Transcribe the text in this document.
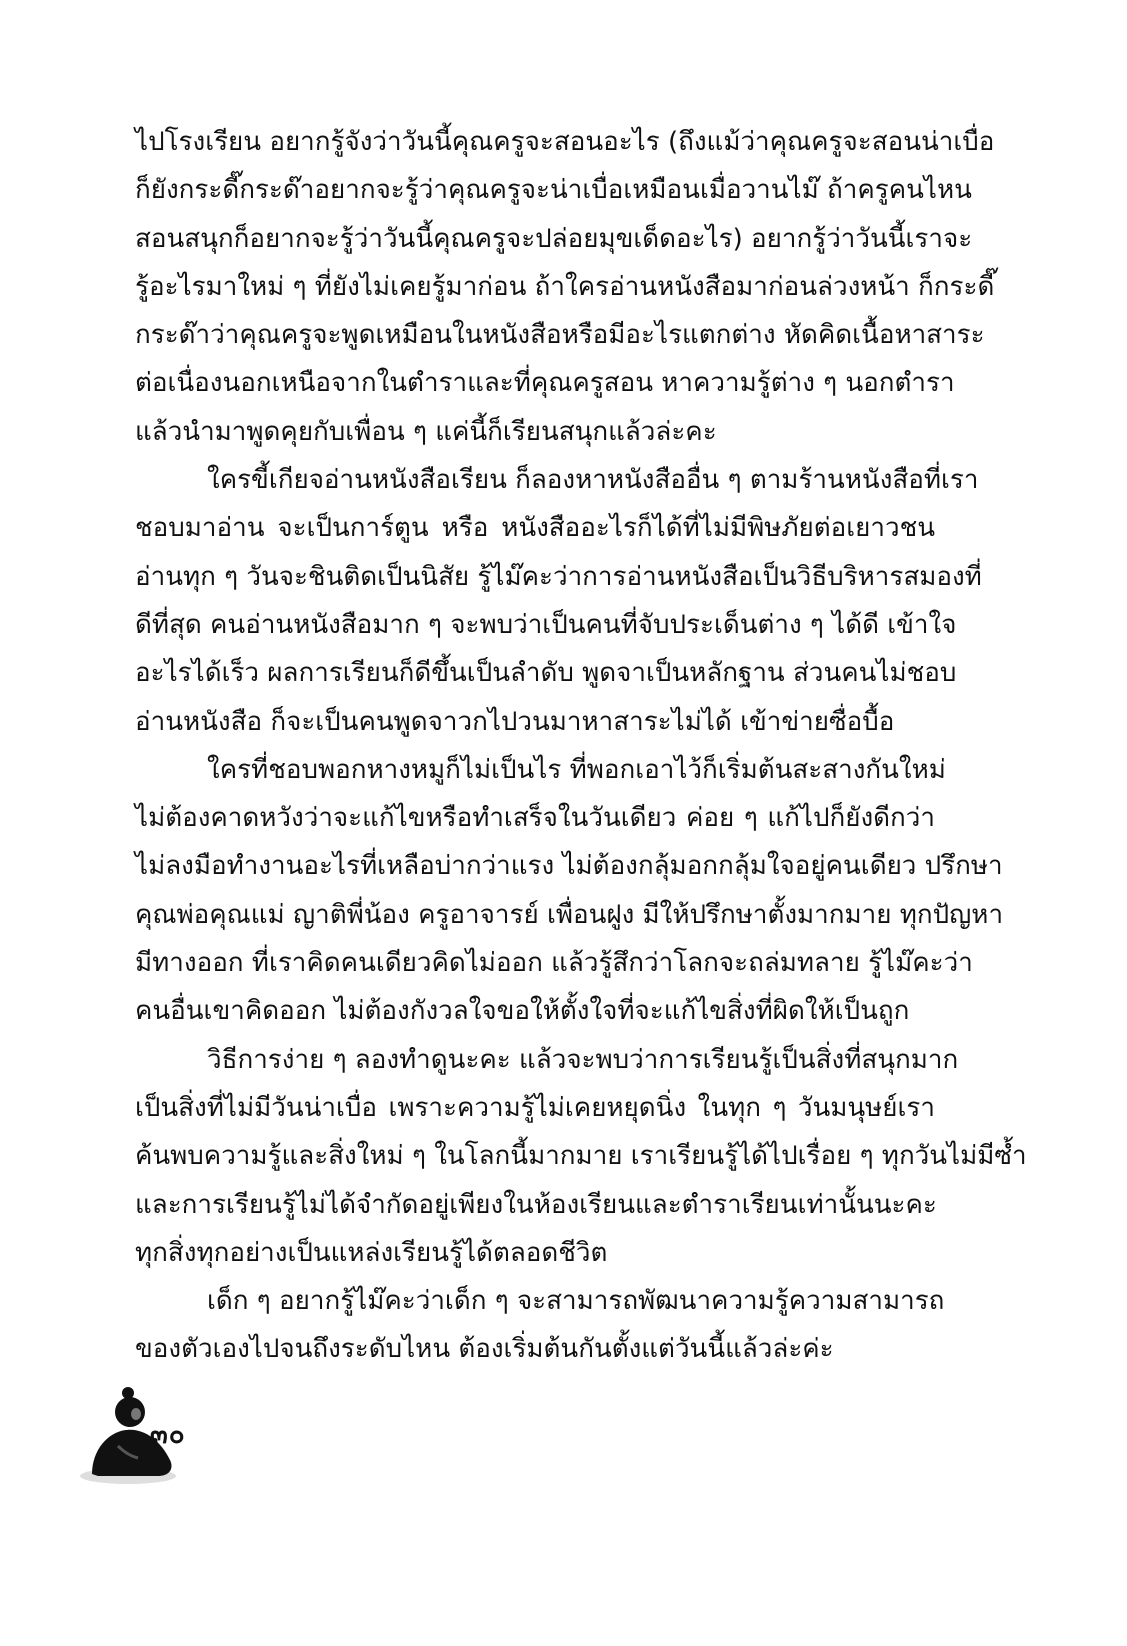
ไปโรงเรียน อยากรู้จังว่าวันนี้คุณครูจะสอนอะไร (ถึงแม้ว่าคุณครูจะสอนน่าเบื่อ
ก็ยังกระดี๊กระด๊าอยากจะรู้ว่าคุณครูจะน่าเบื่อเหมือนเมื่อวานไม๊ ถ้าครูคนไหน
สอนสนุกก็อยากจะรู้ว่าวันนี้คุณครูจะปล่อยมุขเด็ดอะไร) อยากรู้ว่าวันนี้เราจะ
รู้อะไรมาใหม่ ๆ ที่ยังไม่เคยรู้มาก่อน ถ้าใครอ่านหนังสือมาก่อนล่วงหน้า ก็กระดี๊
กระด๊าว่าคุณครูจะพูดเหมือนในหนังสือหรือมีอะไรแตกต่าง หัดคิดเนื้อหาสาระ
ต่อเนื่องนอกเหนือจากในตำราและที่คุณครูสอน หาความรู้ต่าง ๆ นอกตำรา
แล้วนำมาพูดคุยกับเพื่อน ๆ แค่นี้ก็เรียนสนุกแล้วล่ะคะ
ใครขี้เกียจอ่านหนังสือเรียน ก็ลองหาหนังสืออื่น ๆ ตามร้านหนังสือที่เรา
ชอบมาอ่าน จะเป็นการ์ตูน หรือ หนังสืออะไรก็ได้ที่ไม่มีพิษภัยต่อเยาวชน
อ่านทุก ๆ วันจะชินติดเป็นนิสัย รู้ไม๊คะว่าการอ่านหนังสือเป็นวิธีบริหารสมองที่
ดีที่สุด คนอ่านหนังสือมาก ๆ จะพบว่าเป็นคนที่จับประเด็นต่าง ๆ ได้ดี เข้าใจ
อะไรได้เร็ว ผลการเรียนก็ดีขึ้นเป็นลำดับ พูดจาเป็นหลักฐาน ส่วนคนไม่ชอบ
อ่านหนังสือ ก็จะเป็นคนพูดจาวกไปวนมาหาสาระไม่ได้ เข้าข่ายซื่อบื้อ
ใครที่ชอบพอกหางหมูก็ไม่เป็นไร ที่พอกเอาไว้ก็เริ่มต้นสะสางกันใหม่
ไม่ต้องคาดหวังว่าจะแก้ไขหรือทำเสร็จในวันเดียว ค่อย ๆ แก้ไปก็ยังดีกว่า
ไม่ลงมือทำงานอะไรที่เหลือบ่ากว่าแรง ไม่ต้องกลุ้มอกกลุ้มใจอยู่คนเดียว ปรึกษา
คุณพ่อคุณแม่ ญาติพี่น้อง ครูอาจารย์ เพื่อนฝูง มีให้ปรึกษาตั้งมากมาย ทุกปัญหา
มีทางออก ที่เราคิดคนเดียวคิดไม่ออก แล้วรู้สึกว่าโลกจะถล่มทลาย รู้ไม๊คะว่า
คนอื่นเขาคิดออก ไม่ต้องกังวลใจขอให้ตั้งใจที่จะแก้ไขสิ่งที่ผิดให้เป็นถูก
วิธีการง่าย ๆ ลองทำดูนะคะ แล้วจะพบว่าการเรียนรู้เป็นสิ่งที่สนุกมาก
เป็นสิ่งที่ไม่มีวันน่าเบื่อ เพราะความรู้ไม่เคยหยุดนิ่ง ในทุก ๆ วันมนุษย์เรา
ค้นพบความรู้และสิ่งใหม่ ๆ ในโลกนี้มากมาย เราเรียนรู้ได้ไปเรื่อย ๆ ทุกวันไม่มีซ้ำ
และการเรียนรู้ไม่ได้จำกัดอยู่เพียงในห้องเรียนและตำราเรียนเท่านั้นนะคะ
ทุกสิ่งทุกอย่างเป็นแหล่งเรียนรู้ได้ตลอดชีวิต
เด็ก ๆ อยากรู้ไม๊คะว่าเด็ก ๆ จะสามารถพัฒนาความรู้ความสามารถ
ของตัวเองไปจนถึงระดับไหน ต้องเริ่มต้นกันตั้งแต่วันนี้แล้วล่ะค่ะ
๓๐
